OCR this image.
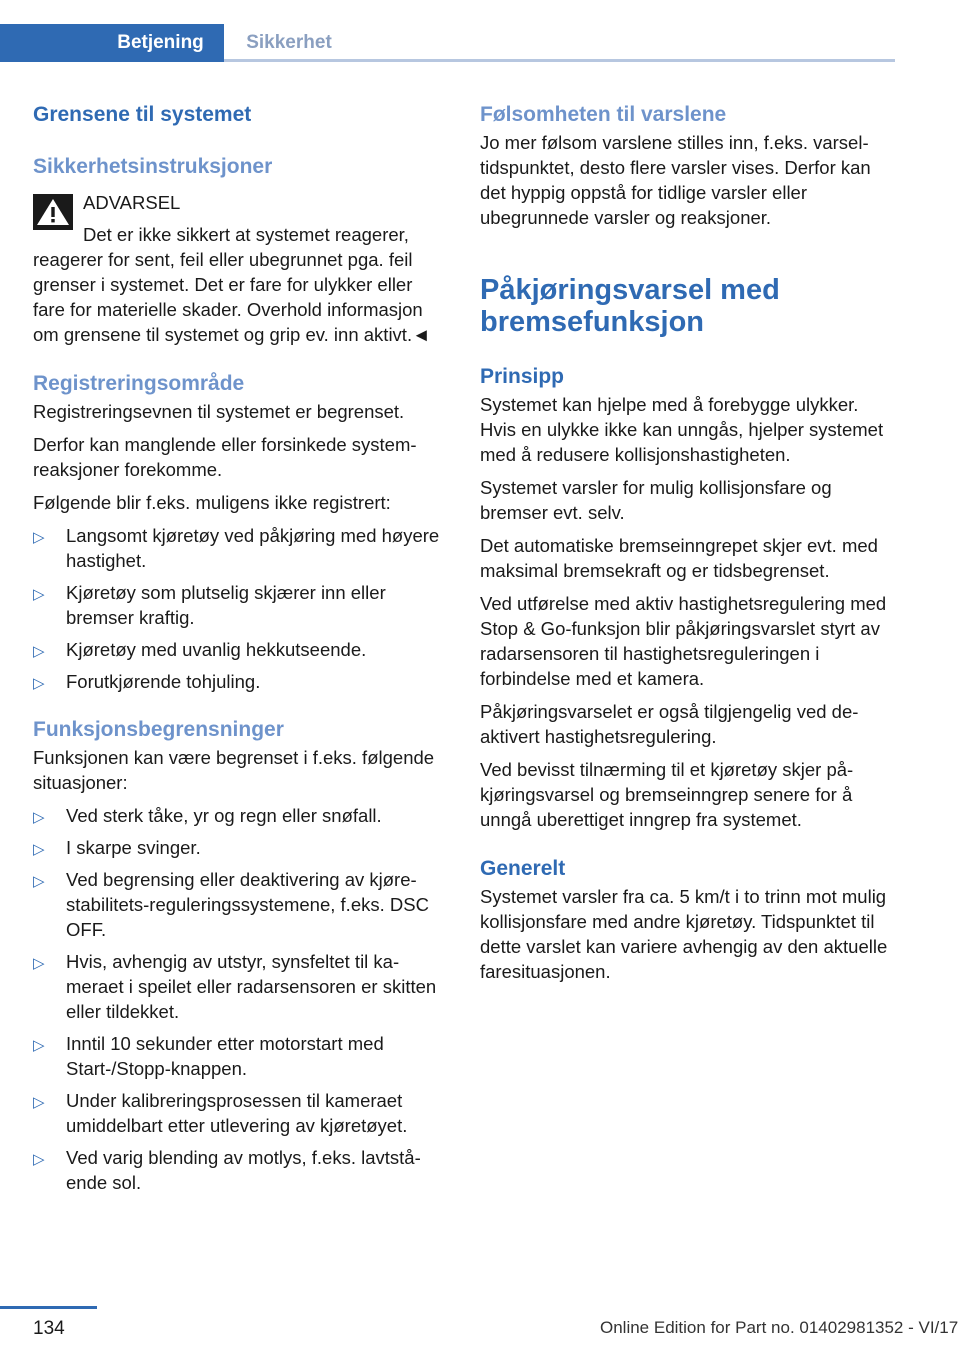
Betjening	Sikkerhet
Grensene til systemet
Sikkerhetsinstruksjoner
ADVARSEL

Det er ikke sikkert at systemet reagerer, reagerer for sent, feil eller ubegrunnet pga. feil grenser i systemet. Det er fare for ulykker eller fare for materielle skader. Overhold informasjon om grensene til systemet og grip ev. inn aktivt.◄

Registreringsområde

Registreringsevnen til systemet er begrenset.

Derfor kan manglende eller forsinkede systemreaksjoner forekomme.

Følgende blir f.eks. muligens ikke registrert:

▷ Langsomt kjøretøy ved påkjøring med høyere hastighet.
▷ Kjøretøy som plutselig skjærer inn eller bremser kraftig.
▷ Kjøretøy med uvanlig hekkutseende.
▷ Forutkjørende tohjuling.
Funksjonsbegrensninger

Funksjonen kan være begrenset i f.eks. følgende situasjoner:

▷ Ved sterk tåke, yr og regn eller snøfall.
▷ I skarpe svinger.
▷ Ved begrensing eller deaktivering av kjørestabilitets-reguleringssystemene, f.eks. DSC OFF.
▷ Hvis, avhengig av utstyr, synsfeltet til kameraet i speilet eller radarsensoren er skitten eller tildekket.
▷ Inntil 10 sekunder etter motorstart med Start-/Stopp-knappen.
▷ Under kalibreringsprosessen til kameraet umiddelbart etter utlevering av kjøretøyet.
▷ Ved varig blending av motlys, f.eks. lavtstående sol.
Følsomheten til varslene

Jo mer følsom varslene stilles inn, f.eks. varseltidspunktet, desto flere varsler vises. Derfor kan det hyppig oppstå for tidlige varsler eller ubegrunnede varsler og reaksjoner.

Påkjøringsvarsel med bremsefunksjon
Prinsipp

Systemet kan hjelpe med å forebygge ulykker. Hvis en ulykke ikke kan unngås, hjelper systemet med å redusere kollisjonshastigheten.

Systemet varsler for mulig kollisjonsfare og bremser evt. selv.

Det automatiske bremseinngrepet skjer evt. med maksimal bremsekraft og er tidsbegrenset.

Ved utførelse med aktiv hastighetsregulering med Stop & Go-funksjon blir påkjøringsvarslet styrt av radarsensoren til hastighetsreguleringen i forbindelse med et kamera.

Påkjøringsvarselet er også tilgjengelig ved deaktivert hastighetsregulering.

Ved bevisst tilnærming til et kjøretøy skjer påkjøringsvarsel og bremseinngrep senere for å unngå uberettiget inngrep fra systemet.

Generelt

Systemet varsler fra ca. 5 km/t i to trinn mot mulig kollisjonsfare med andre kjøretøy. Tidspunktet til dette varslet kan variere avhengig av den aktuelle faresituasjonen.

134	Online Edition for Part no. 01402981352 - VI/17
